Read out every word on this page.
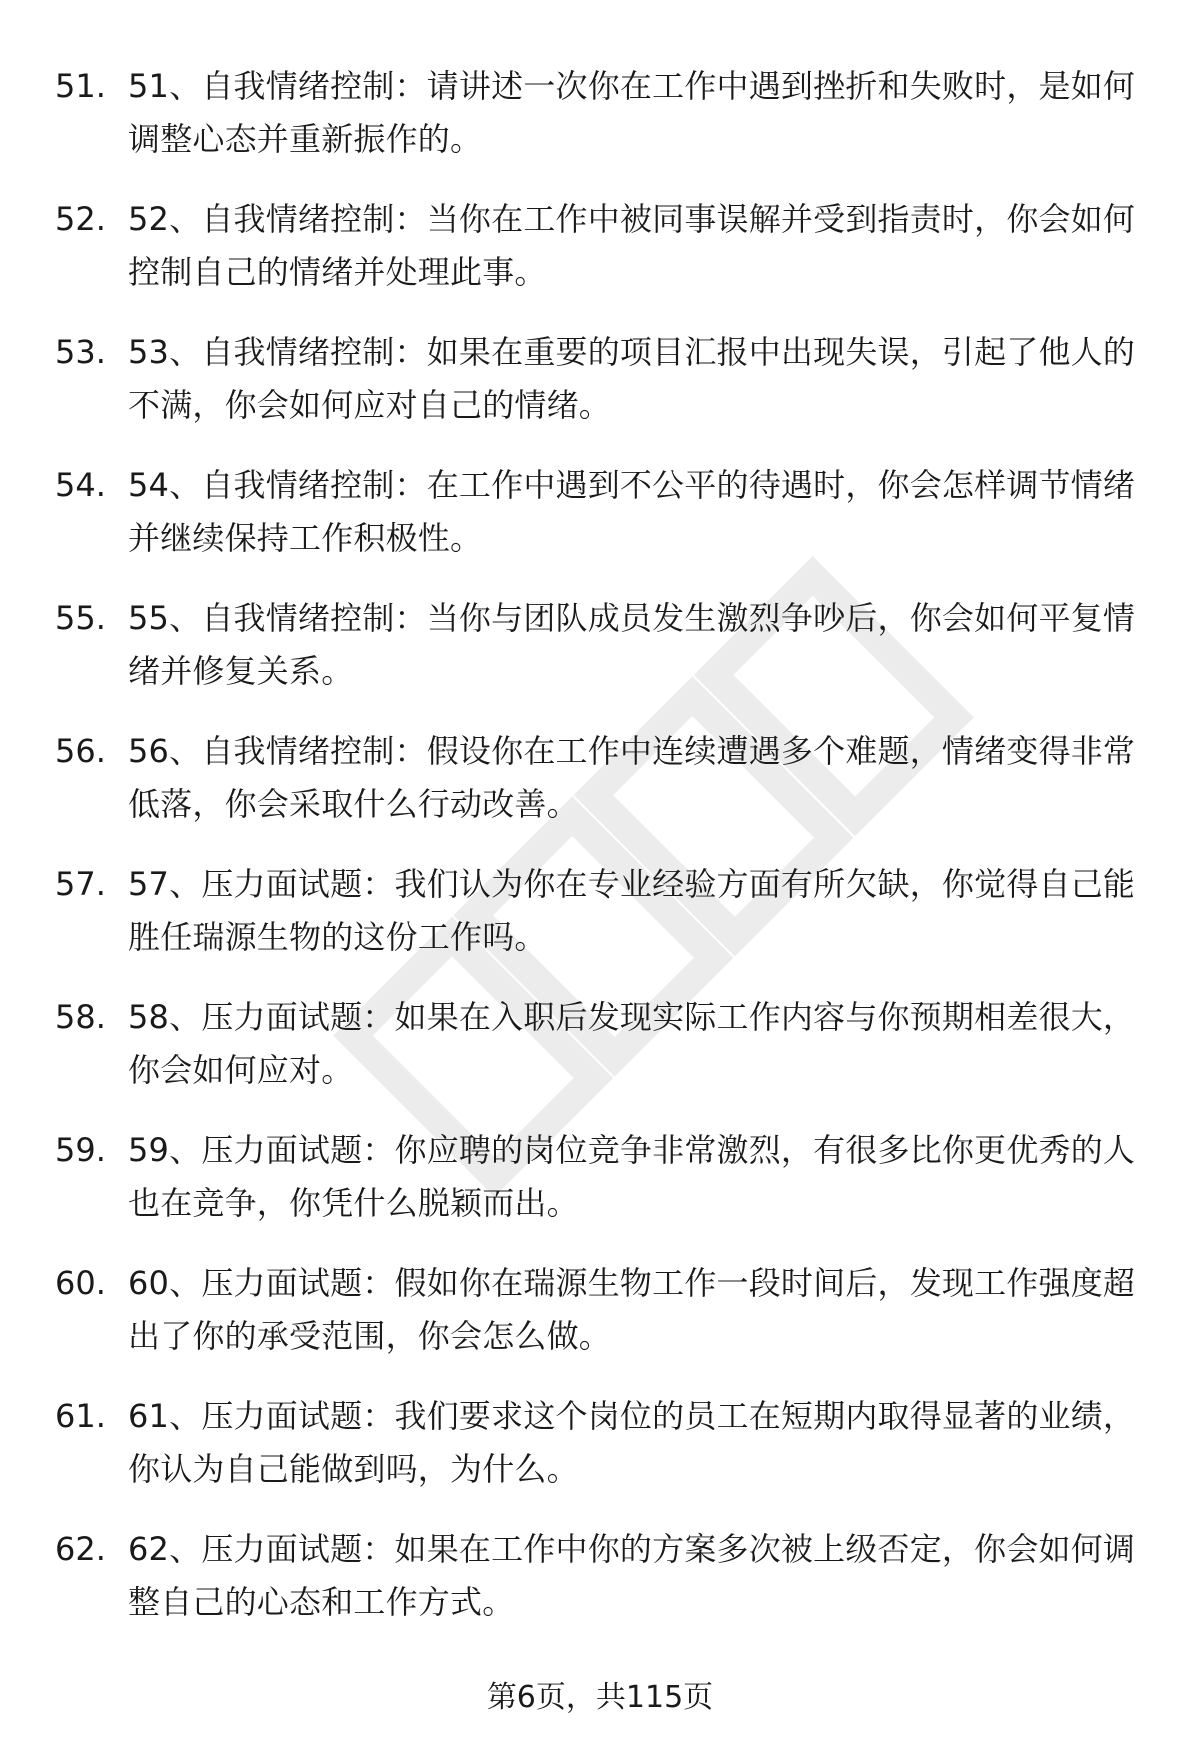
51. 51、自我情绪控制：请讲述一次你在工作中遇到挫折和失败时，是如何调整心态并重新振作的。
52. 52、自我情绪控制：当你在工作中被同事误解并受到指责时，你会如何控制自己的情绪并处理此事。
53. 53、自我情绪控制：如果在重要的项目汇报中出现失误，引起了他人的不满，你会如何应对自己的情绪。
54. 54、自我情绪控制：在工作中遇到不公平的待遇时，你会怎样调节情绪并继续保持工作积极性。
55. 55、自我情绪控制：当你与团队成员发生激烈争吵后，你会如何平复情绪并修复关系。
56. 56、自我情绪控制：假设你在工作中连续遭遇多个难题，情绪变得非常低落，你会采取什么行动改善。
57. 57、压力面试题：我们认为你在专业经验方面有所欠缺，你觉得自己能胜任瑞源生物的这份工作吗。
58. 58、压力面试题：如果在入职后发现实际工作内容与你预期相差很大，你会如何应对。
59. 59、压力面试题：你应聘的岗位竞争非常激烈，有很多比你更优秀的人也在竞争，你凭什么脱颖而出。
60. 60、压力面试题：假如你在瑞源生物工作一段时间后，发现工作强度超出了你的承受范围，你会怎么做。
61. 61、压力面试题：我们要求这个岗位的员工在短期内取得显著的业绩，你认为自己能做到吗，为什么。
62. 62、压力面试题：如果在工作中你的方案多次被上级否定，你会如何调整自己的心态和工作方式。
第6页，共115页
